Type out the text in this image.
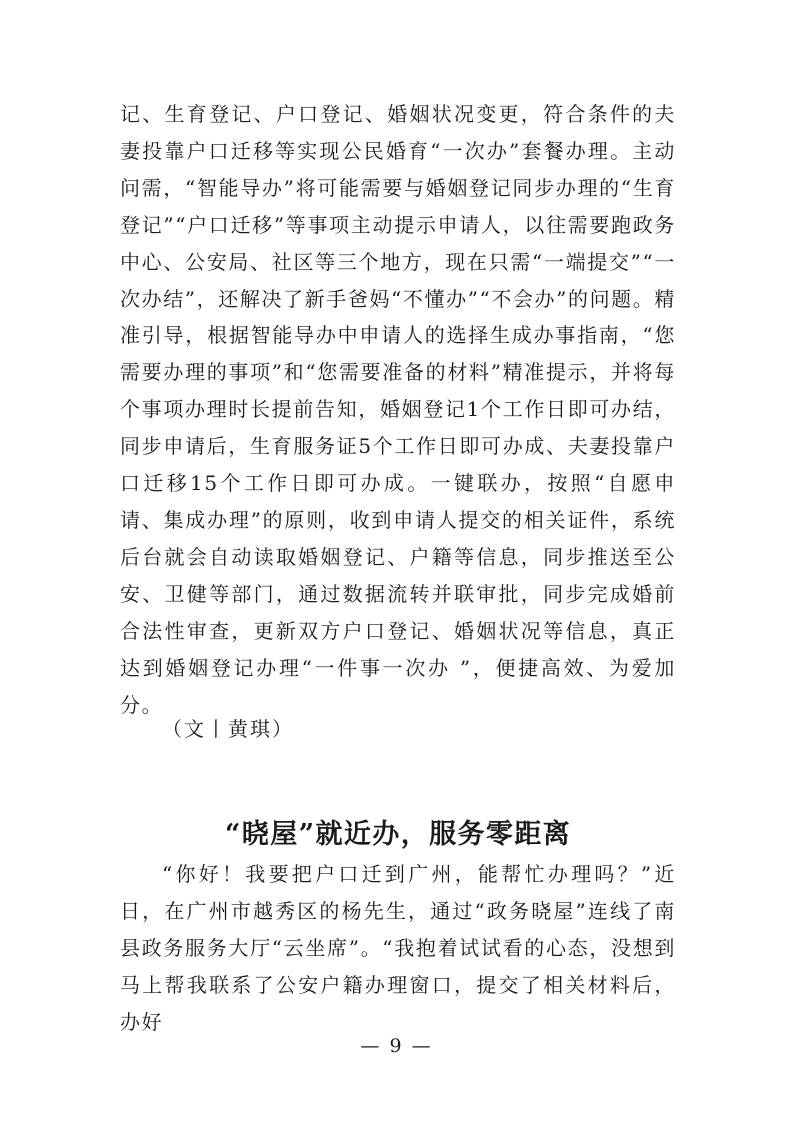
记、生育登记、户口登记、婚姻状况变更，符合条件的夫妻投靠户口迁移等实现公民婚育“一次办”套餐办理。主动问需，“智能导办”将可能需要与婚姻登记同步办理的“生育登记”“户口迁移”等事项主动提示申请人，以往需要跑政务中心、公安局、社区等三个地方，现在只需“一端提交”“一次办结”，还解决了新手爸妈“不懂办”“不会办”的问题。精准引导，根据智能导办中申请人的选择生成办事指南，“您需要办理的事项”和“您需要准备的材料”精准提示，并将每个事项办理时长提前告知，婚姻登记1个工作日即可办结，同步申请后，生育服务证5个工作日即可办成、夫妻投靠户口迁移15个工作日即可办成。一键联办，按照“自愿申请、集成办理”的原则，收到申请人提交的相关证件，系统后台就会自动读取婚姻登记、户籍等信息，同步推送至公安、卫健等部门，通过数据流转并联审批，同步完成婚前合法性审查，更新双方户口登记、婚姻状况等信息，真正达到婚姻登记办理“一件事一次办 ”，便捷高效、为爱加分。

（文丨黄琪）
“晓屋”就近办，服务零距离

“你好！我要把户口迁到广州，能帮忙办理吗？”近日，在广州市越秀区的杨先生，通过“政务晓屋”连线了南县政务服务大厅“云坐席”。“我抱着试试看的心态，没想到马上帮我联系了公安户籍办理窗口，提交了相关材料后，办好

— 9 —
